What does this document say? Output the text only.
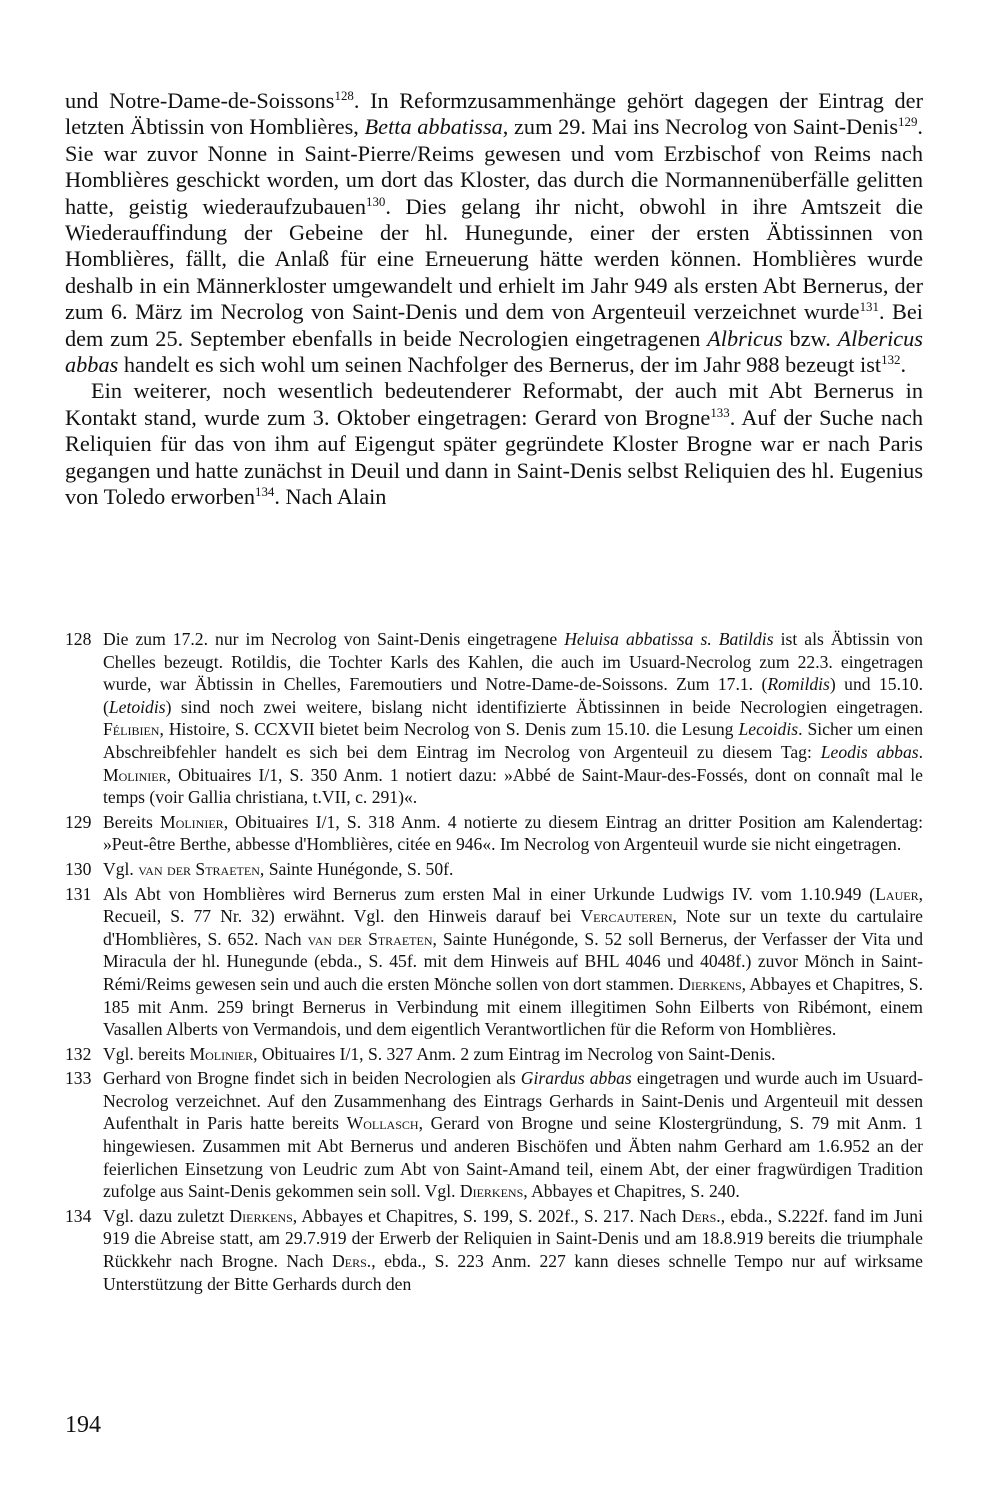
und Notre-Dame-de-Soissons$^{128}$. In Reformzusammenhänge gehört dagegen der Eintrag der letzten Äbtissin von Homblières, Betta abbatissa, zum 29. Mai ins Necrolog von Saint-Denis$^{129}$. Sie war zuvor Nonne in Saint-Pierre/Reims gewesen und vom Erzbischof von Reims nach Homblières geschickt worden, um dort das Kloster, das durch die Normannenüberfälle gelitten hatte, geistig wiederaufzubauen$^{130}$. Dies gelang ihr nicht, obwohl in ihre Amtszeit die Wiederauffindung der Gebeine der hl. Hunegunde, einer der ersten Äbtissinnen von Homblières, fällt, die Anlaß für eine Erneuerung hätte werden können. Homblières wurde deshalb in ein Männerkloster umgewandelt und erhielt im Jahr 949 als ersten Abt Bernerus, der zum 6. März im Necrolog von Saint-Denis und dem von Argenteuil verzeichnet wurde$^{131}$. Bei dem zum 25. September ebenfalls in beide Necrologien eingetragenen Albricus bzw. Albericus abbas handelt es sich wohl um seinen Nachfolger des Bernerus, der im Jahr 988 bezeugt ist$^{132}$.

Ein weiterer, noch wesentlich bedeutenderer Reformabt, der auch mit Abt Bernerus in Kontakt stand, wurde zum 3. Oktober eingetragen: Gerard von Brogne$^{133}$. Auf der Suche nach Reliquien für das von ihm auf Eigengut später gegründete Kloster Brogne war er nach Paris gegangen und hatte zunächst in Deuil und dann in Saint-Denis selbst Reliquien des hl. Eugenius von Toledo erworben$^{134}$. Nach Alain

128 Die zum 17.2. nur im Necrolog von Saint-Denis eingetragene Heluisa abbatissa s. Batildis ist als Äbtissin von Chelles bezeugt. Rotildis, die Tochter Karls des Kahlen, die auch im Usuard-Necrolog zum 22.3. eingetragen wurde, war Äbtissin in Chelles, Faremoutiers und Notre-Dame-de-Soissons. Zum 17.1. (Romildis) und 15.10. (Letoidis) sind noch zwei weitere, bislang nicht identifizierte Äbtissinnen in beide Necrologien eingetragen. Félibien, Histoire, S. CCXVII bietet beim Necrolog von S. Denis zum 15.10. die Lesung Lecoidis. Sicher um einen Abschreibfehler handelt es sich bei dem Eintrag im Necrolog von Argenteuil zu diesem Tag: Leodis abbas. Molinier, Obituaires I/1, S. 350 Anm. 1 notiert dazu: »Abbé de Saint-Maur-des-Fossés, dont on connaît mal le temps (voir Gallia christiana, t.VII, c. 291)«.
129 Bereits Molinier, Obituaires I/1, S. 318 Anm. 4 notierte zu diesem Eintrag an dritter Position am Kalendertag: »Peut-être Berthe, abbesse d'Homblières, citée en 946«. Im Necrolog von Argenteuil wurde sie nicht eingetragen.
130 Vgl. van der Straeten, Sainte Hunégonde, S. 50f.
131 Als Abt von Homblières wird Bernerus zum ersten Mal in einer Urkunde Ludwigs IV. vom 1.10.949 (Lauer, Recueil, S. 77 Nr. 32) erwähnt. Vgl. den Hinweis darauf bei Vercauteren, Note sur un texte du cartulaire d'Homblières, S. 652. Nach van der Straeten, Sainte Hunégonde, S. 52 soll Bernerus, der Verfasser der Vita und Miracula der hl. Hunegunde (ebda., S. 45f. mit dem Hinweis auf BHL 4046 und 4048f.) zuvor Mönch in Saint-Rémi/Reims gewesen sein und auch die ersten Mönche sollen von dort stammen. Dierkens, Abbayes et Chapitres, S. 185 mit Anm. 259 bringt Bernerus in Verbindung mit einem illegitimen Sohn Eilberts von Ribémont, einem Vasallen Alberts von Vermandois, und dem eigentlich Verantwortlichen für die Reform von Homblières.
132 Vgl. bereits Molinier, Obituaires I/1, S. 327 Anm. 2 zum Eintrag im Necrolog von Saint-Denis.
133 Gerhard von Brogne findet sich in beiden Necrologien als Girardus abbas eingetragen und wurde auch im Usuard-Necrolog verzeichnet. Auf den Zusammenhang des Eintrags Gerhards in Saint-Denis und Argenteuil mit dessen Aufenthalt in Paris hatte bereits Wollasch, Gerard von Brogne und seine Klostergründung, S. 79 mit Anm. 1 hingewiesen. Zusammen mit Abt Bernerus und anderen Bischöfen und Äbten nahm Gerhard am 1.6.952 an der feierlichen Einsetzung von Leudric zum Abt von Saint-Amand teil, einem Abt, der einer fragwürdigen Tradition zufolge aus Saint-Denis gekommen sein soll. Vgl. Dierkens, Abbayes et Chapitres, S. 240.
134 Vgl. dazu zuletzt Dierkens, Abbayes et Chapitres, S. 199, S. 202f., S. 217. Nach Ders., ebda., S.222f. fand im Juni 919 die Abreise statt, am 29.7.919 der Erwerb der Reliquien in Saint-Denis und am 18.8.919 bereits die triumphale Rückkehr nach Brogne. Nach Ders., ebda., S. 223 Anm. 227 kann dieses schnelle Tempo nur auf wirksame Unterstützung der Bitte Gerhards durch den
194
